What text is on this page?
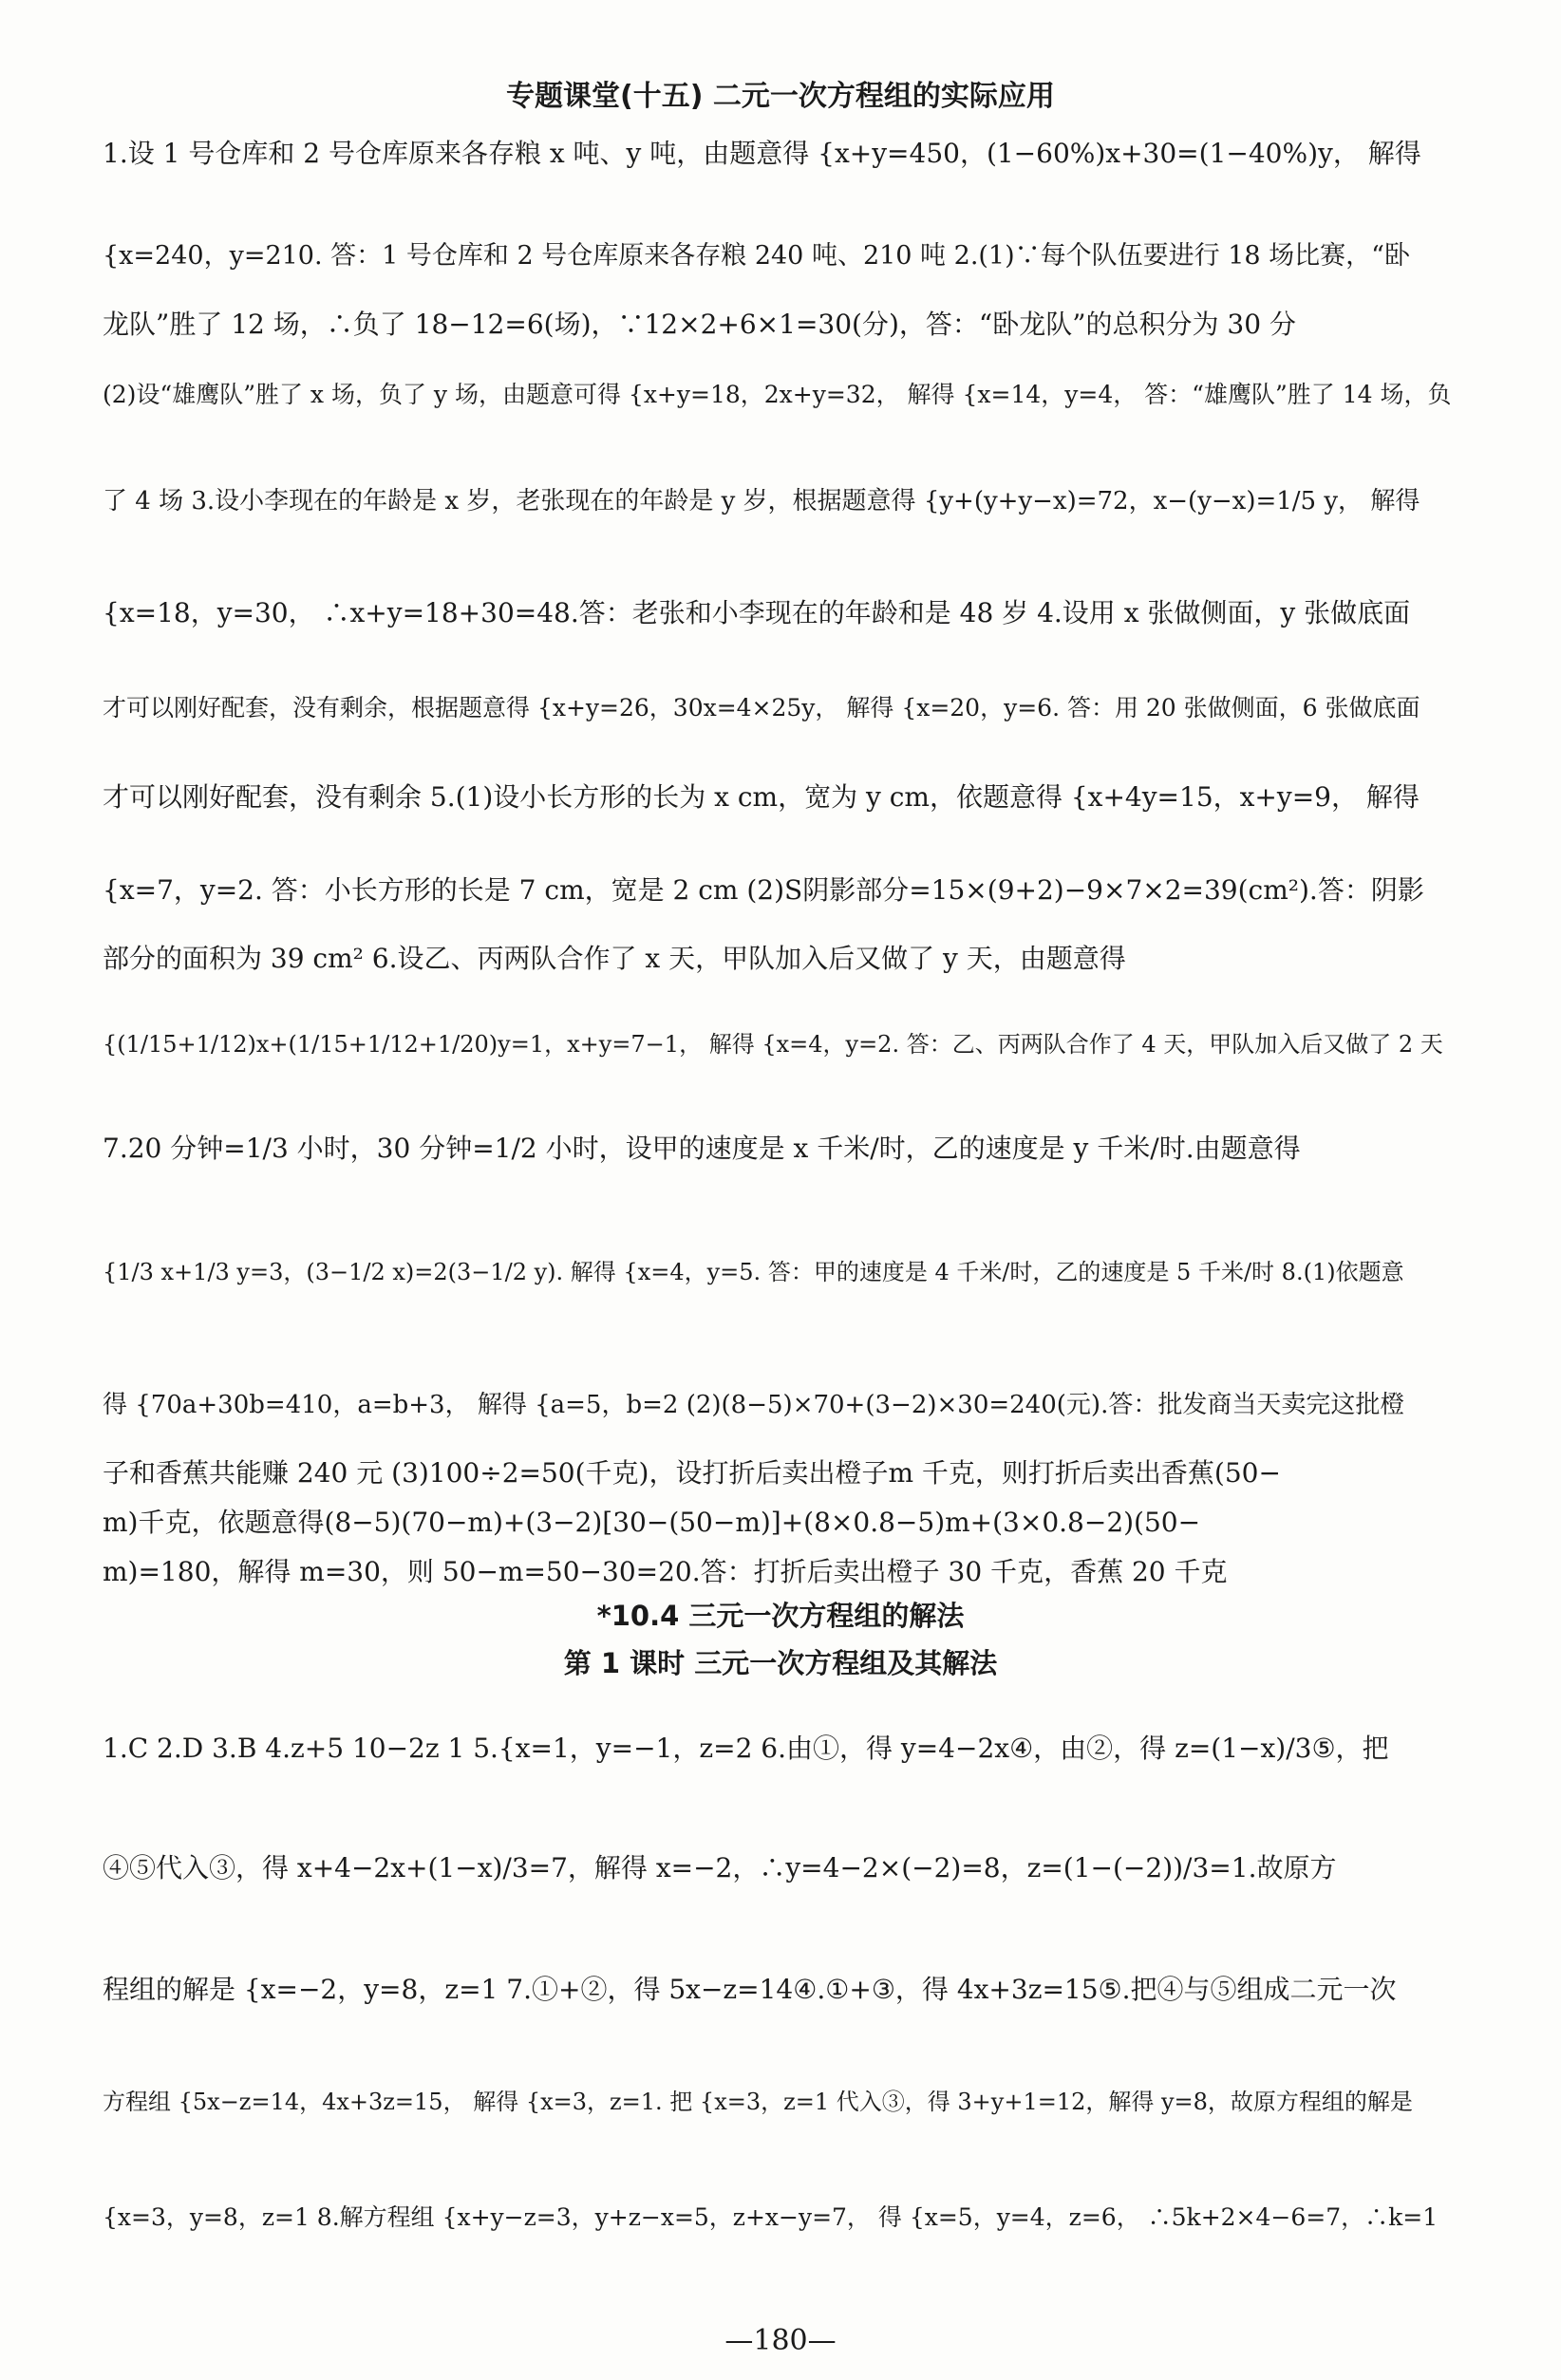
专题课堂(十五) 二元一次方程组的实际应用
1.设 1 号仓库和 2 号仓库原来各存粮 x 吨、y 吨，由题意得 {x+y=450，(1−60%)x+30=(1−40%)y， 解得
{x=240，y=210. 答：1 号仓库和 2 号仓库原来各存粮 240 吨、210 吨 2.(1)∵每个队伍要进行 18 场比赛，“卧
龙队”胜了 12 场，∴负了 18−12=6(场)，∵12×2+6×1=30(分)，答：“卧龙队”的总积分为 30 分
(2)设“雄鹰队”胜了 x 场，负了 y 场，由题意可得 {x+y=18，2x+y=32， 解得 {x=14，y=4， 答：“雄鹰队”胜了 14 场，负
了 4 场 3.设小李现在的年龄是 x 岁，老张现在的年龄是 y 岁，根据题意得 {y+(y+y−x)=72，x−(y−x)=1/5 y， 解得
{x=18，y=30， ∴x+y=18+30=48.答：老张和小李现在的年龄和是 48 岁 4.设用 x 张做侧面，y 张做底面
才可以刚好配套，没有剩余，根据题意得 {x+y=26，30x=4×25y， 解得 {x=20，y=6. 答：用 20 张做侧面，6 张做底面
才可以刚好配套，没有剩余 5.(1)设小长方形的长为 x cm，宽为 y cm，依题意得 {x+4y=15，x+y=9， 解得
{x=7，y=2. 答：小长方形的长是 7 cm，宽是 2 cm (2)S阴影部分=15×(9+2)−9×7×2=39(cm²).答：阴影
部分的面积为 39 cm² 6.设乙、丙两队合作了 x 天，甲队加入后又做了 y 天，由题意得
{(1/15+1/12)x+(1/15+1/12+1/20)y=1，x+y=7−1， 解得 {x=4，y=2. 答：乙、丙两队合作了 4 天，甲队加入后又做了 2 天
7.20 分钟=1/3 小时，30 分钟=1/2 小时，设甲的速度是 x 千米/时，乙的速度是 y 千米/时.由题意得
{1/3 x+1/3 y=3，(3−1/2 x)=2(3−1/2 y). 解得 {x=4，y=5. 答：甲的速度是 4 千米/时，乙的速度是 5 千米/时 8.(1)依题意
得 {70a+30b=410，a=b+3， 解得 {a=5，b=2 (2)(8−5)×70+(3−2)×30=240(元).答：批发商当天卖完这批橙
子和香蕉共能赚 240 元 (3)100÷2=50(千克)，设打折后卖出橙子m 千克，则打折后卖出香蕉(50−
m)千克，依题意得(8−5)(70−m)+(3−2)[30−(50−m)]+(8×0.8−5)m+(3×0.8−2)(50−
m)=180，解得 m=30，则 50−m=50−30=20.答：打折后卖出橙子 30 千克，香蕉 20 千克
*10.4 三元一次方程组的解法
第 1 课时 三元一次方程组及其解法
1.C 2.D 3.B 4.z+5 10−2z 1 5.{x=1，y=−1，z=2 6.由①，得 y=4−2x④，由②，得 z=(1−x)/3⑤，把
④⑤代入③，得 x+4−2x+(1−x)/3=7，解得 x=−2，∴y=4−2×(−2)=8，z=(1−(−2))/3=1.故原方
程组的解是 {x=−2，y=8，z=1 7.①+②，得 5x−z=14④.①+③，得 4x+3z=15⑤.把④与⑤组成二元一次
方程组 {5x−z=14，4x+3z=15， 解得 {x=3，z=1. 把 {x=3，z=1 代入③，得 3+y+1=12，解得 y=8，故原方程组的解是
{x=3，y=8，z=1 8.解方程组 {x+y−z=3，y+z−x=5，z+x−y=7， 得 {x=5，y=4，z=6， ∴5k+2×4−6=7，∴k=1
—180—
